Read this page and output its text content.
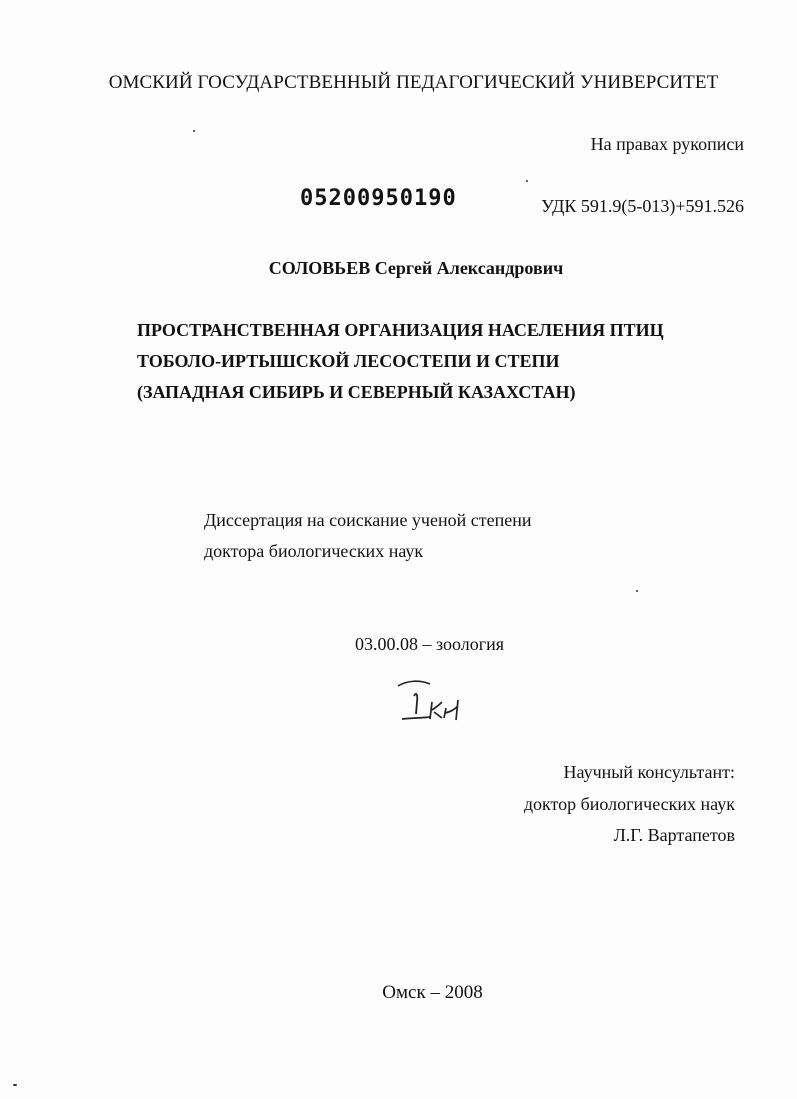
ОМСКИЙ ГОСУДАРСТВЕННЫЙ ПЕДАГОГИЧЕСКИЙ УНИВЕРСИТЕТ
На правах рукописи
05200950190	УДК 591.9(5-013)+591.526
СОЛОВЬЕВ Сергей Александрович
ПРОСТРАНСТВЕННАЯ ОРГАНИЗАЦИЯ НАСЕЛЕНИЯ ПТИЦ
ТОБОЛО-ИРТЫШСКОЙ ЛЕСОСТЕПИ И СТЕПИ
(ЗАПАДНАЯ СИБИРЬ И СЕВЕРНЫЙ КАЗАХСТАН)
Диссертация на соискание ученой степени
доктора биологических наук
03.00.08 – зоология
Научный консультант:
доктор биологических наук
Л.Г. Вартапетов
Омск – 2008
